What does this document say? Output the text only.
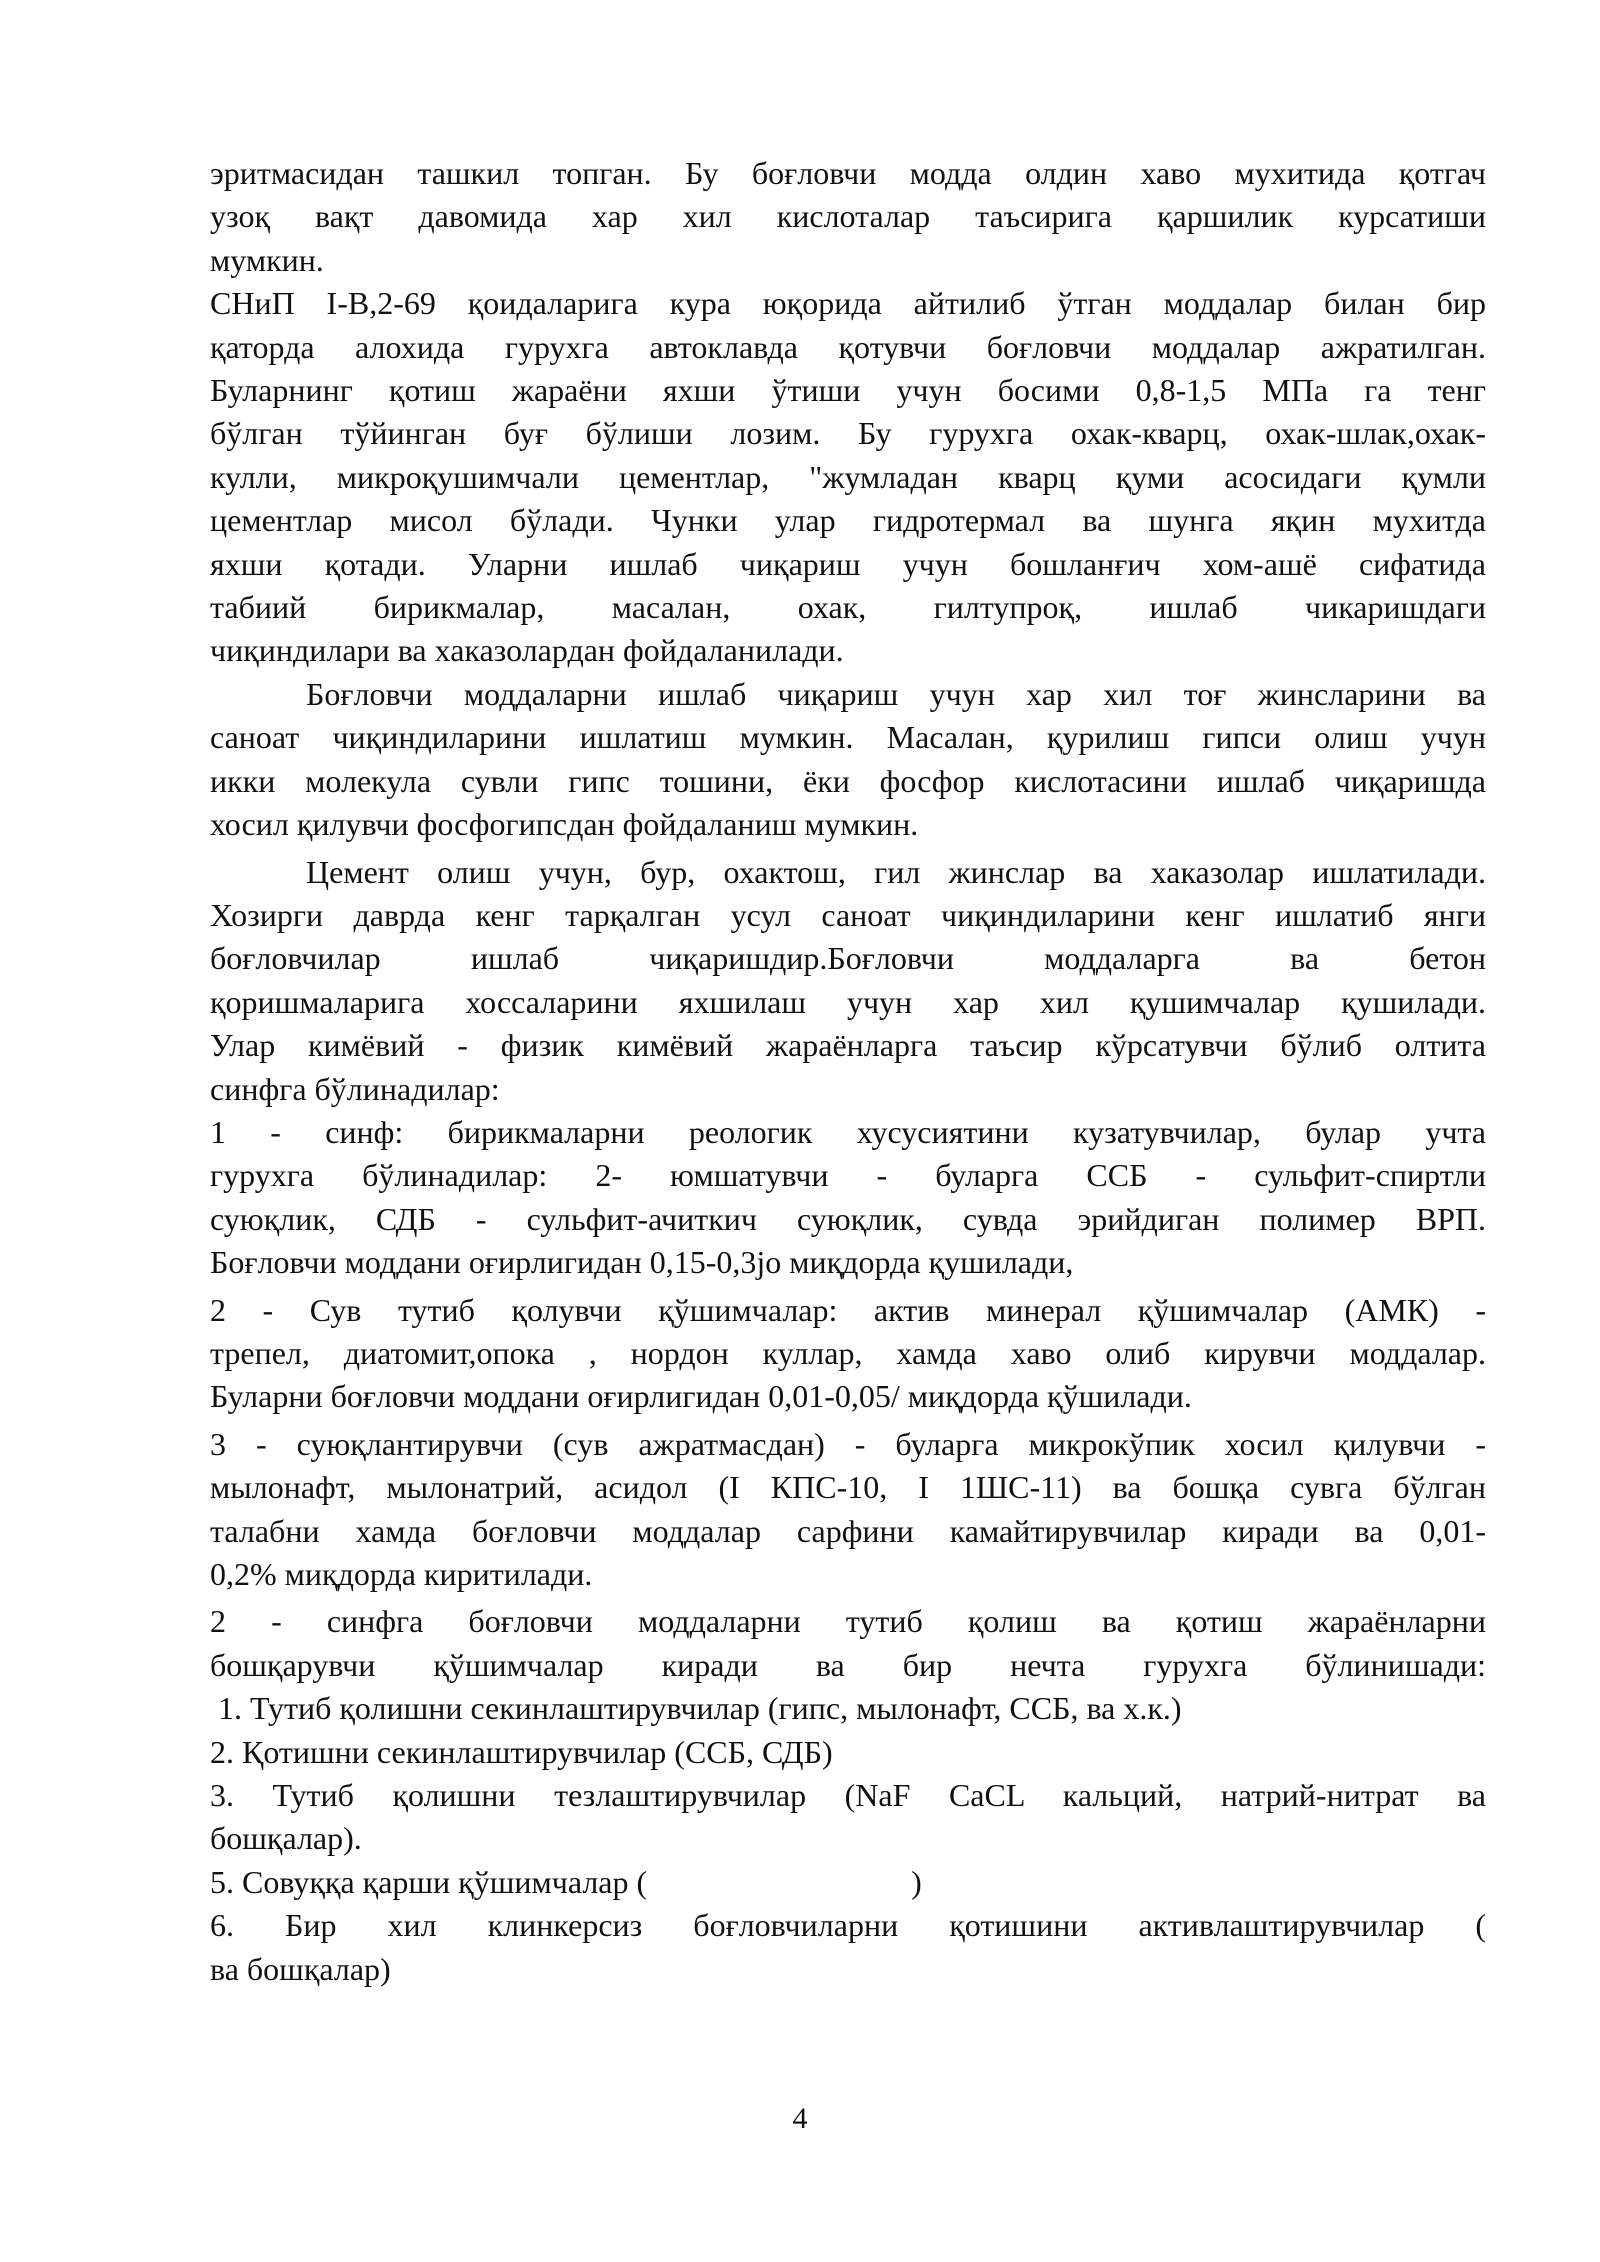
эритмасидан ташкил топган. Бу боғловчи модда олдин хаво мухитида қотгач
узоқ вақт давомида хар хил кислоталар таъсирига қаршилик курсатиши
мумкин.
СНиП I-В,2-69 қоидаларига кура юқорида айтилиб ўтган моддалар билан бир
қаторда алохида гурухга автоклавда қотувчи боғловчи моддалар ажратилган.
Буларнинг қотиш жараёни яхши ўтиши учун босими 0,8-1,5 МПа га тенг
бўлган тўйинган буғ бўлиши лозим. Бу гурухга охак-кварц, охак-шлак,охак-
кулли, микроқушимчали цементлар, "жумладан кварц қуми асосидаги қумли
цементлар мисол бўлади. Чунки улар гидротермал ва шунга яқин мухитда
яхши қотади. Уларни ишлаб чиқариш учун бошланғич хом-ашё сифатида
табиий бирикмалар, масалан, охак, гилтупроқ, ишлаб чикаришдаги
чиқиндилари ва хаказолардан фойдаланилади.
Боғловчи моддаларни ишлаб чиқариш учун хар хил тоғ жинсларини ва
саноат чиқиндиларини ишлатиш мумкин. Масалан, қурилиш гипси олиш учун
икки молекула сувли гипс тошини, ёки фосфор кислотасини ишлаб чиқаришда
хосил қилувчи фосфогипсдан фойдаланиш мумкин.
Цемент олиш учун, бур, охактош, гил жинслар ва хаказолар ишлатилади.
Хозирги даврда кенг тарқалган усул саноат чиқиндиларини кенг ишлатиб янги
боғловчилар ишлаб чиқаришдир.Боғловчи моддаларга ва бетон
қоришмаларига хоссаларини яхшилаш учун хар хил қушимчалар қушилади.
Улар кимёвий - физик кимёвий жараёнларга таъсир кўрсатувчи бўлиб олтита
синфга бўлинадилар:
1 - синф: бирикмаларни реологик хусусиятини кузатувчилар, булар учта
гурухга бўлинадилар: 2- юмшатувчи - буларга ССБ - сульфит-спиртли
суюқлик, СДБ - сульфит-ачиткич суюқлик, сувда эрийдиган полимер ВРП.
Боғловчи моддани оғирлигидан 0,15-0,3jo миқдорда қушилади,
2 - Сув тутиб қолувчи қўшимчалар: актив минерал қўшимчалар (АМК) -
трепел, диатомит,опока , нордон куллар, хамда хаво олиб кирувчи моддалар.
Буларни боғловчи моддани оғирлигидан 0,01-0,05/ миқдорда қўшилади.
3 - суюқлантирувчи (сув ажратмасдан) - буларга микрокўпик хосил қилувчи -
мылонафт, мылонатрий, асидол (I КПС-10, I 1ШС-11) ва бошқа сувга бўлган
талабни хамда боғловчи моддалар сарфини камайтирувчилар киради ва 0,01-
0,2% миқдорда киритилади.
2 - синфга боғловчи моддаларни тутиб қолиш ва қотиш жараёнларни
бошқарувчи қўшимчалар киради ва бир нечта гурухга бўлинишади:
1. Тутиб қолишни секинлаштирувчилар (гипс, мылонафт, ССБ, ва х.к.)
2. Қотишни секинлаштирувчилар (ССБ, СДБ)
3. Тутиб қолишни тезлаштирувчилар (NaF CaCL кальций, натрий-нитрат ва
бошқалар).
5. Совуққа қарши қўшимчалар (                                 )
6. Бир хил клинкерсиз боғловчиларни қотишини активлаштирувчилар (
ва бошқалар)
4
